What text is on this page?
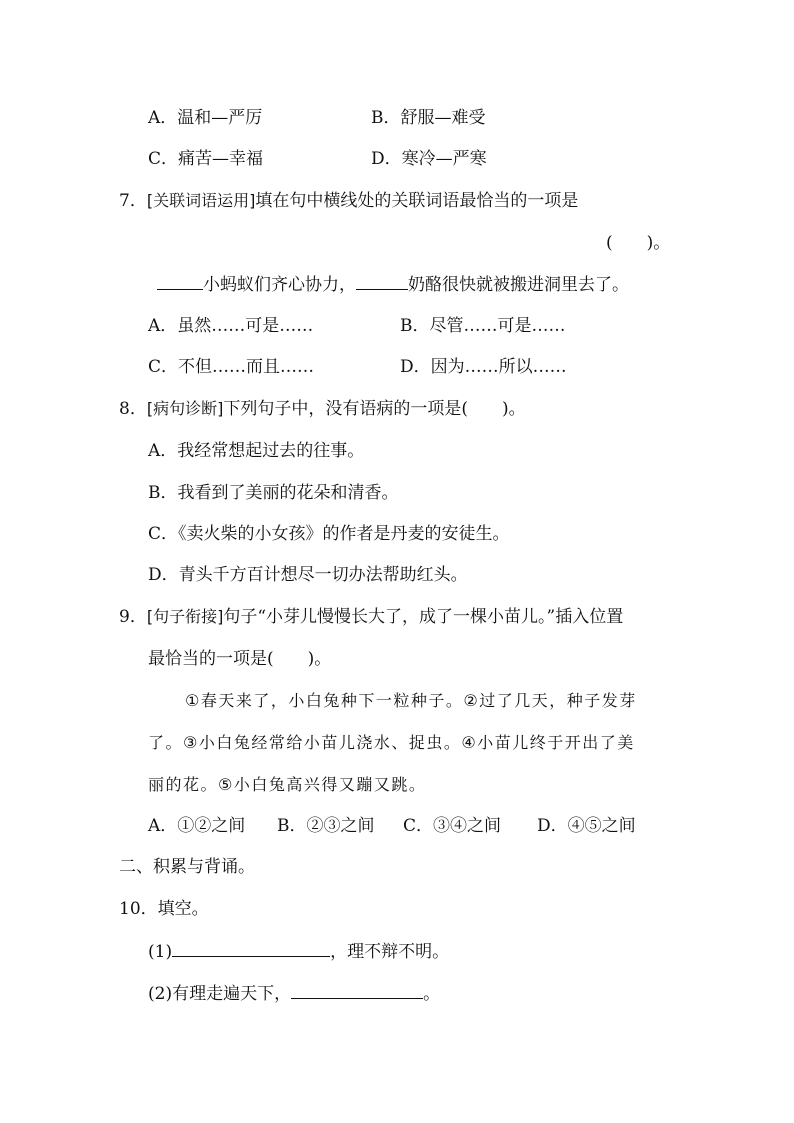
A．温和—严厉	B．舒服—难受
C．痛苦—幸福	D．寒冷—严寒
7．[关联词语运用]填在句中横线处的关联词语最恰当的一项是
(　　)。
小蚂蚁们齐心协力，	奶酪很快就被搬进洞里去了。
A．虽然……可是……	B．尽管……可是……
C．不但……而且……	D．因为……所以……
8．[病句诊断]下列句子中，没有语病的一项是(　　)。
A．我经常想起过去的往事。
B．我看到了美丽的花朵和清香。
C．《卖火柴的小女孩》的作者是丹麦的安徒生。
D．青头千方百计想尽一切办法帮助红头。
9．[句子衔接]句子“小芽儿慢慢长大了，成了一棵小苗儿。”插入位置
最恰当的一项是(　　)。
①春天来了，小白兔种下一粒种子。②过了几天，种子发芽
了。③小白兔经常给小苗儿浇水、捉虫。④小苗儿终于开出了美
丽的花。⑤小白兔高兴得又蹦又跳。
A．①②之间 B．②③之间 C．③④之间 D．④⑤之间
二、积累与背诵。
10．填空。
(1)	，理不辩不明。
(2)有理走遍天下，	。
